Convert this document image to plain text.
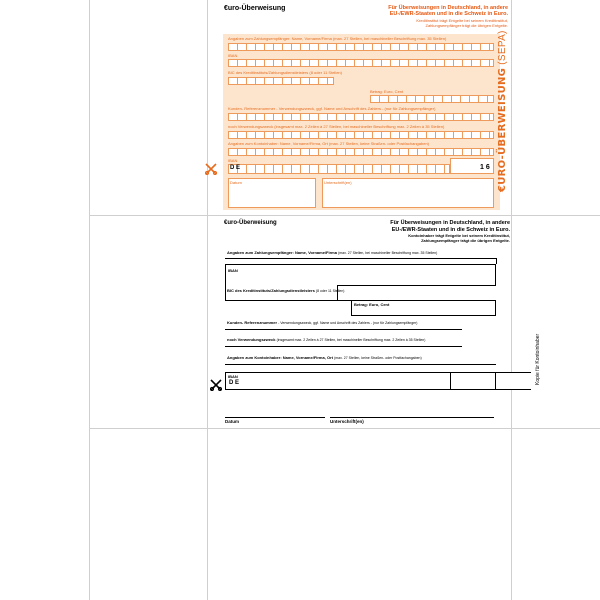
€uro-Überweisung	Für Überweisungen in Deutschland, in andere
EU-/EWR-Staaten und in die Schweiz in Euro.
Kreditinstitut trägt Entgelte bei seinem Kreditinstitut,
Zahlungsempfänger trägt die übrigen Entgelte.
Angaben zum Zahlungsempfänger: Name, Vorname/Firma (max. 27 Stellen, bei maschineller Beschriftung max. 35 Stellen)
IBAN
BIC des Kreditinstituts/Zahlungsdienstleisters (8 oder 11 Stellen)
Betrag: Euro, Cent
Kunden- Referenznummer - Verwendungszweck, ggf. Name und Anschrift des Zahlers - (nur für Zahlungsempfänger)
noch Verwendungszweck (insgesamt max. 2 Zeilen à 27 Stellen, bei maschineller Beschriftung max. 2 Zeilen à 35 Stellen)
Angaben zum Kontoinhaber: Name, Vorname/Firma, Ort (max. 27 Stellen, keine Straßen- oder Postfachangaben)
IBAN
D E	1 6
Datum	Unterschrift(en)	€URO-ÜBERWEISUNG (SEPA)
€uro-Überweisung	Für Überweisungen in Deutschland, in andere
EU-/EWR-Staaten und in die Schweiz in Euro.
Kontoinhaber trägt Entgelte bei seinem Kreditinstitut,
Zahlungsempfänger trägt die übrigen Entgelte.
Angaben zum Zahlungsempfänger: Name, Vorname/Firma (max. 27 Stellen, bei maschineller Beschriftung max. 35 Stellen)
IBAN
BIC des Kreditinstituts/Zahlungsdienstleisters (8 oder 11 Stellen)
Betrag: Euro, Cent
Kunden- Referenznummer - Verwendungszweck, ggf. Name und Anschrift des Zahlers - (nur für Zahlungsempfänger)
noch Verwendungszweck (insgesamt max. 2 Zeilen à 27 Stellen, bei maschineller Beschriftung max. 2 Zeilen à 35 Stellen)
Angaben zum Kontoinhaber: Name, Vorname/Firma, Ort (max. 27 Stellen, keine Straßen- oder Postfachangaben)
IBAN
D E	Kopie für Kontoinhaber
Datum	Unterschrift(en)
